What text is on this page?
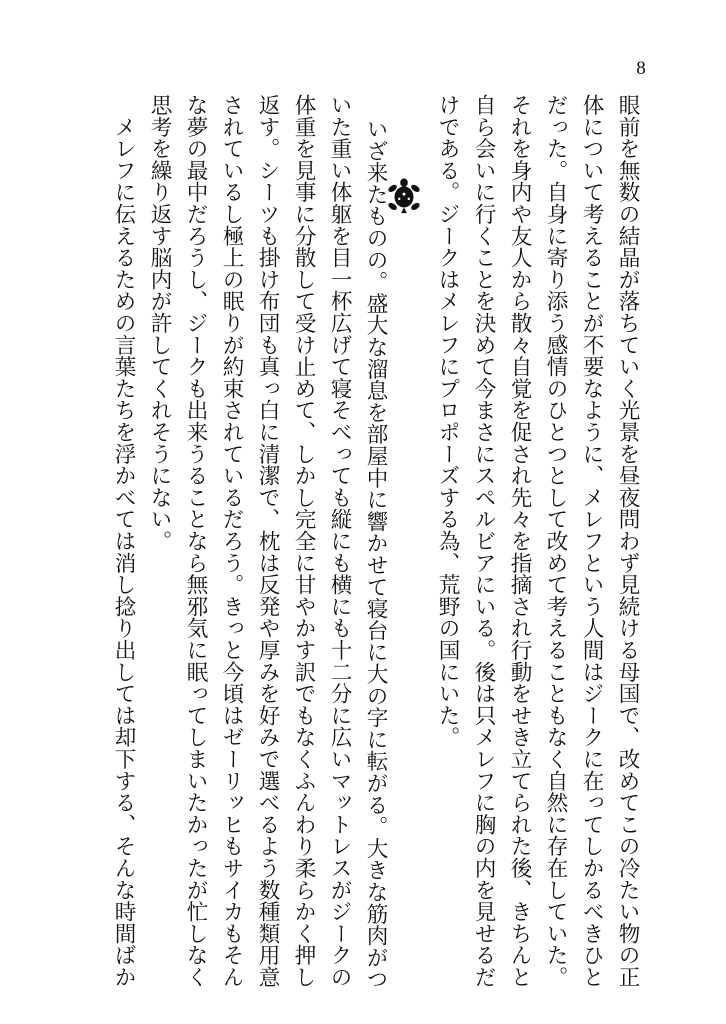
8

眼前を無数の結晶が落ちていく光景を昼夜問わず見続ける母国で、改めてこの冷たい物の正

体について考えることが不要なように、メレフという人間はジークに在ってしかるべきひと

だった。自身に寄り添う感情のひとつとして改めて考えることもなく自然に存在していた。

それを身内や友人から散々自覚を促され先々を指摘され行動をせき立てられた後、きちんと

自ら会いに行くことを決めて今まさにスペルビアにいる。後は只メレフに胸の内を見せるだ

けである。ジークはメレフにプロポーズする為、荒野の国にいた。

いざ来たものの。盛大な溜息を部屋中に響かせて寝台に大の字に転がる。大きな筋肉がつ

いた重い体躯を目一杯広げて寝そべっても縦にも横にも十二分に広いマットレスがジークの

体重を見事に分散して受け止めて、しかし完全に甘やかす訳でもなくふんわり柔らかく押し

返す。シーツも掛け布団も真っ白に清潔で、枕は反発や厚みを好みで選べるよう数種類用意

されているし極上の眠りが約束されているだろう。きっと今頃はゼーリッヒもサイカもそん

な夢の最中だろうし、ジークも出来うることなら無邪気に眠ってしまいたかったが忙しなく

思考を繰り返す脳内が許してくれそうにない。

　メレフに伝えるための言葉たちを浮かべては消し捻り出しては却下する、そんな時間ばか
